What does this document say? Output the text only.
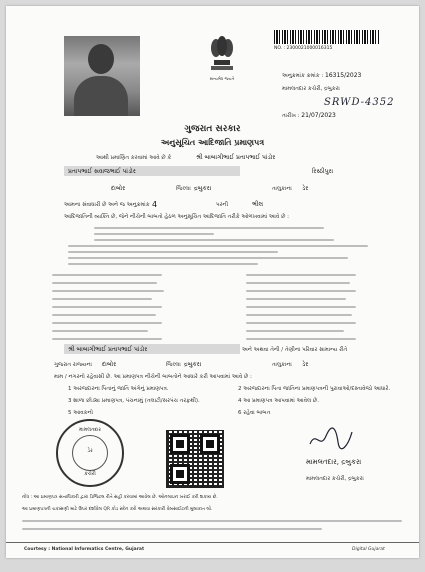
સત્યમેવ જયતે
NO. : 2300021000016315
અનુક્રમાંક ક્રમાંક : 16315/2023
મામલતદાર કચેરી, દ્રબુકરા
SRWD-4352
તારીખ : 21/07/2023
ગુજરાત સરકાર
અનુસૂચિત આદિજાતિ પ્રમાણપત્ર
આથી પ્રમાણિત કરવામાં આવે છે કે	શ્રી બાબાગીભાઈ પ્રતાપભાઈ પાંડોર
પ્રતાપભાઈ સવાજભાઈ પાંડોર	રિસ્ઠીપુરા
દાબોર	જિલ્લા દ્રબુકરા	તાલુકાના ડેર
આમના સંવાધારી છે અને જ અનુક્રમાંક 4	પરની	ભીલ
આદિજાતિની વ્યક્તિ છે, જેને નીચેની બાબતો હેઠળ અનુસૂચિત આદિજાતિ તરીકે ઓળખવામાં આવે છે :
શ્રી બાબાગીભાઈ પ્રતાપભાઈ પાંડોર	અને અથવા તેની / તેણીના પરિવાર સામાન્ય રીતે
ગુજરાત રાજ્યના દાબોર	જિલ્લા દ્રબુકરા	તાલુકાના ડેર
મામ / નગરનો રહેવાસી છે. આ પ્રમાણપત્ર નીચેની બાબતોને આધારે કરી આપવામાં આવે છે :
1 અરજદારના પિતાનું જાતિ અંગેનું પ્રમાણપત્ર.
3 શાળા છોડ્યા પ્રમાણપત્ર, પંચનામું (તલાટી/સરપંચ તરફથી).
5 આવકનો
2 અરજદારના પિતા જાતિના પ્રમાણપત્રની પુરાવાઓ/દસ્તાવેજો આધારે.
4 આ પ્રમાણપત્ર આપવામાં આવેલ છે.
6 રહેવા બાબત
મામલતદાર
ડેર
કચેરી
મામલતદાર, દ્રબુકરા
મામલતદાર કચેરી, દ્રબુકરા
નોંધ : આ પ્રમાણપત્ર સત્તાધિકારી દ્વારા ડિજિટલ રીતે સહી કરવામાં આવેલ છે. ઓનલાઇન ખરાઈ કરી શકાય છે.
આ પ્રમાણપત્રની ચકાસણી માટે ઉપર દર્શાવેલ QR કોડ સ્કેન કરો અથવા સરકારી વેબસાઈટની મુલાકાત લો.
Courtesy : National Informatics Centre, Gujarat	Digital Gujarat
